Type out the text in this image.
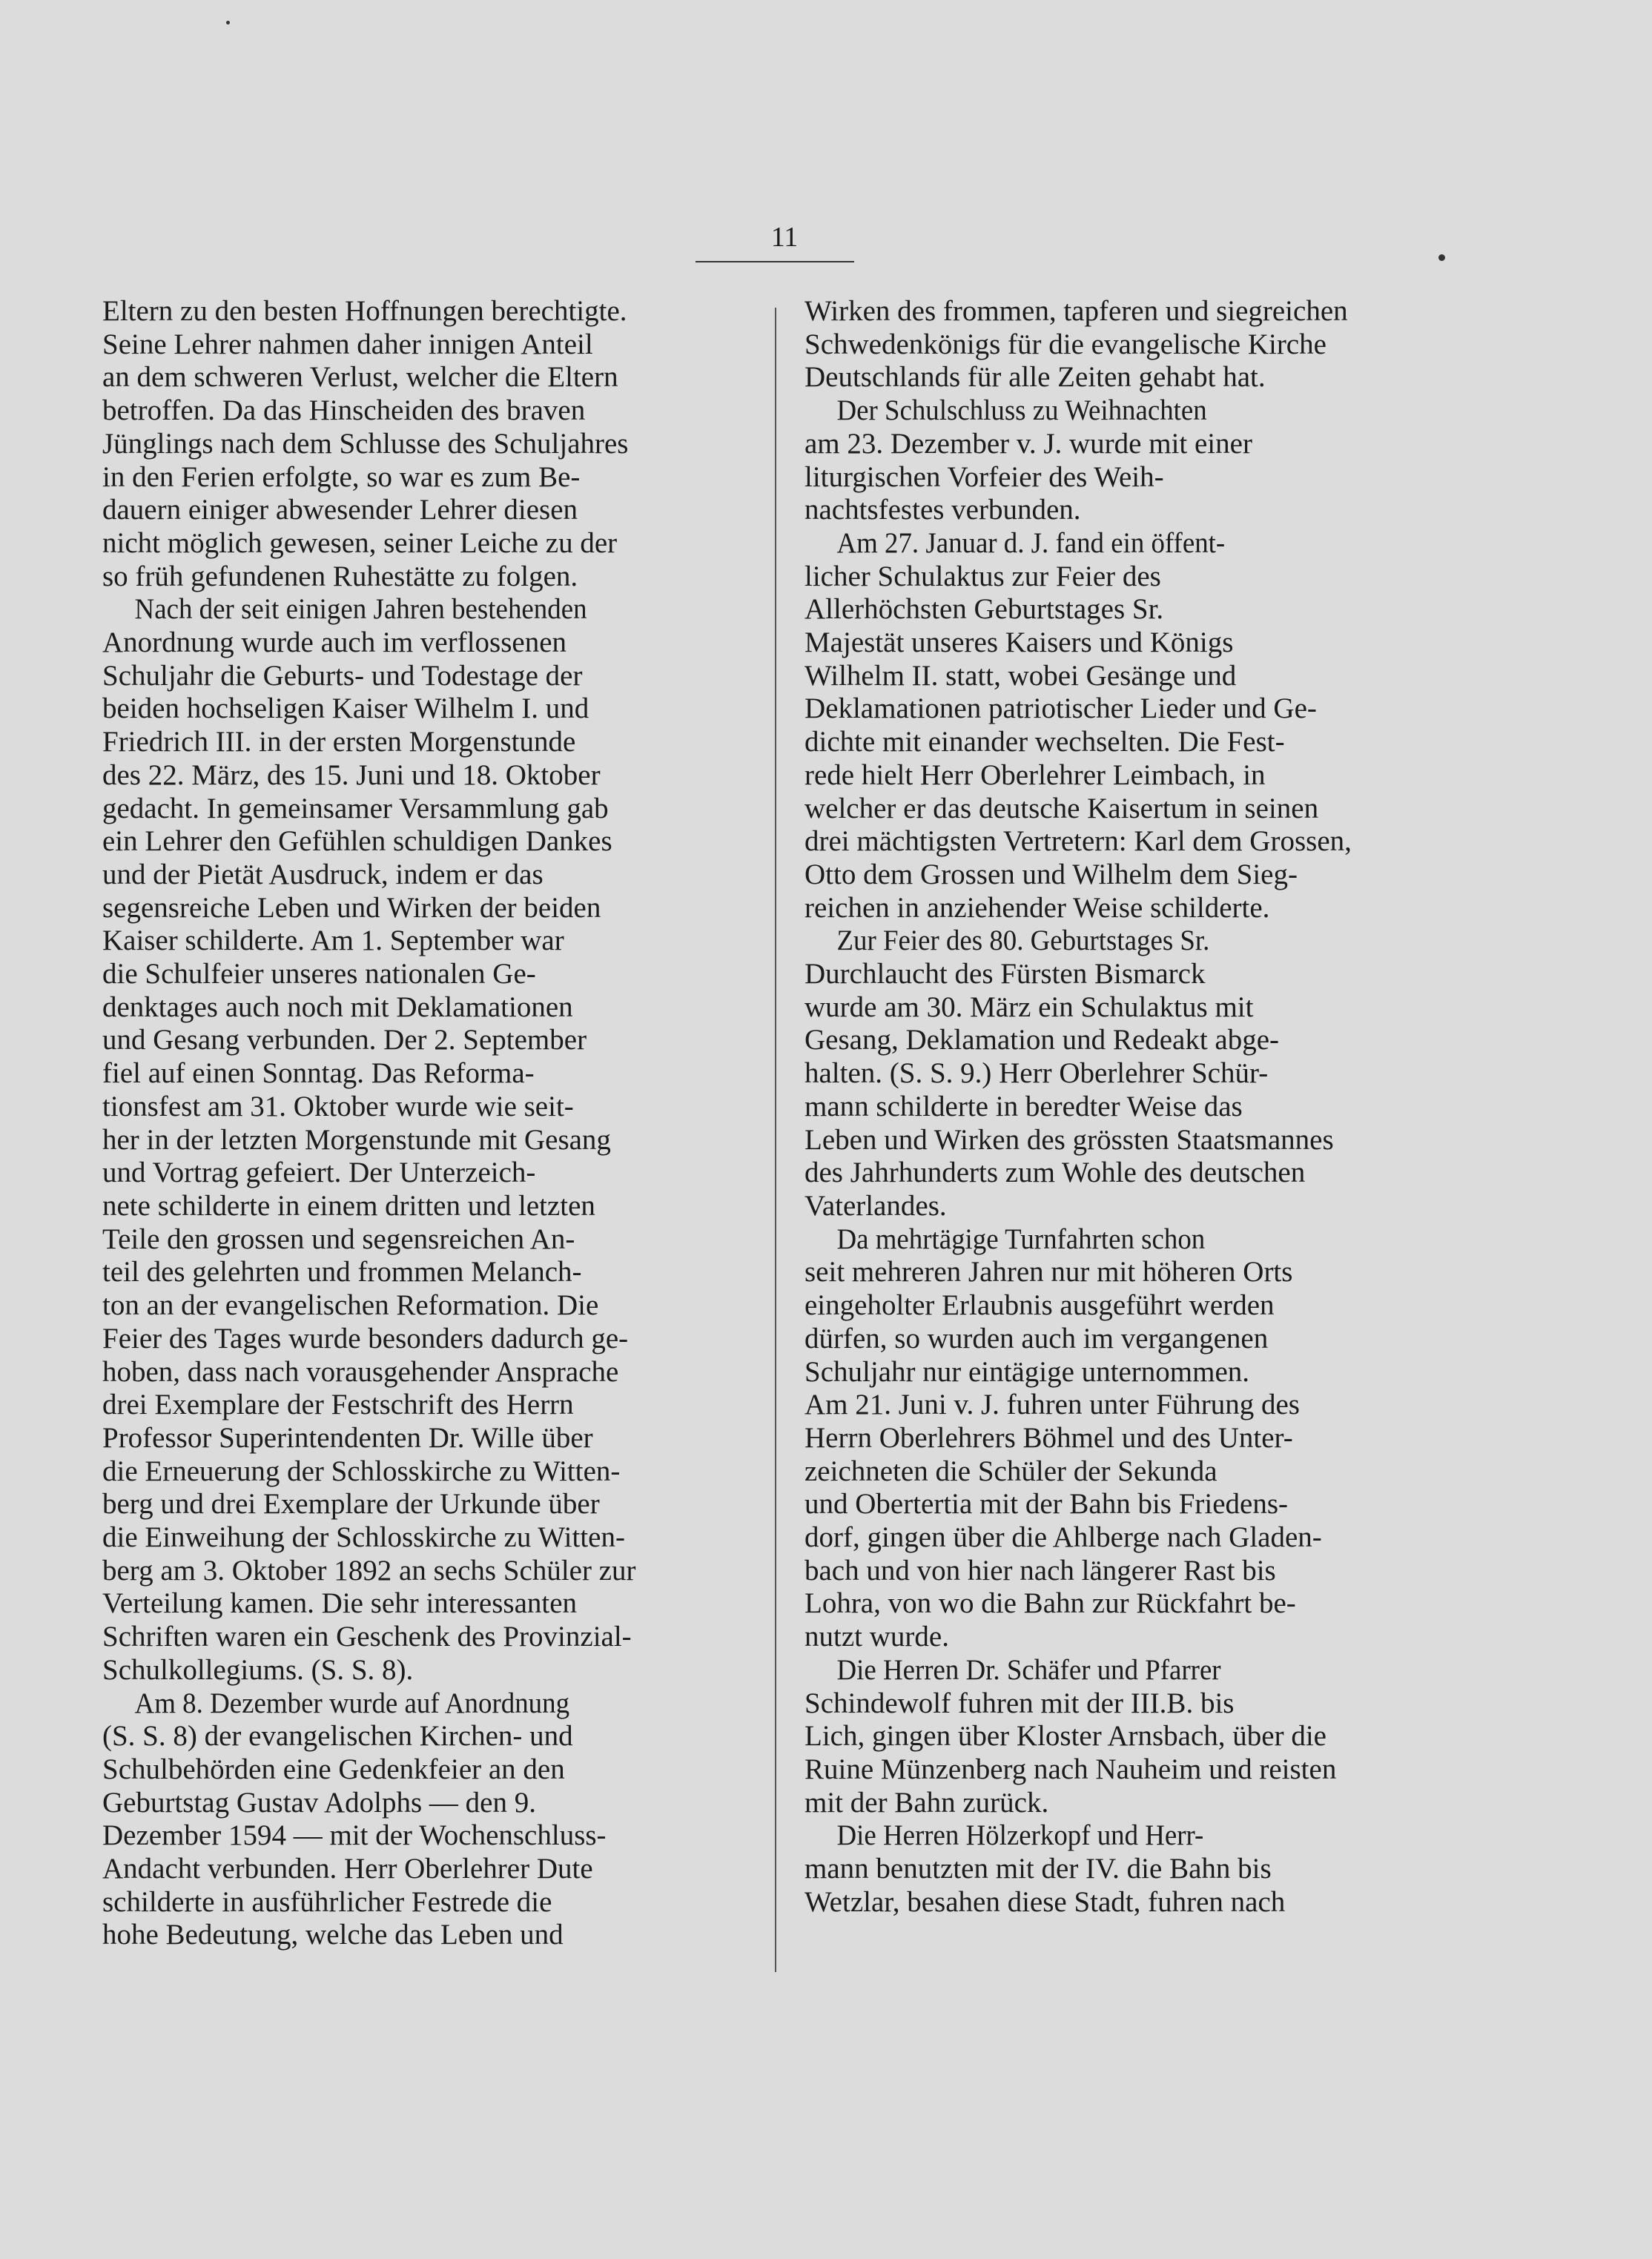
11
Eltern zu den besten Hoffnungen berechtigte.
Seine Lehrer nahmen daher innigen Anteil
an dem schweren Verlust, welcher die Eltern
betroffen. Da das Hinscheiden des braven
Jünglings nach dem Schlusse des Schuljahres
in den Ferien erfolgte, so war es zum Be-
dauern einiger abwesender Lehrer diesen
nicht möglich gewesen, seiner Leiche zu der
so früh gefundenen Ruhestätte zu folgen.
Nach der seit einigen Jahren bestehenden
Anordnung wurde auch im verflossenen
Schuljahr die Geburts- und Todestage der
beiden hochseligen Kaiser Wilhelm I. und
Friedrich III. in der ersten Morgenstunde
des 22. März, des 15. Juni und 18. Oktober
gedacht. In gemeinsamer Versammlung gab
ein Lehrer den Gefühlen schuldigen Dankes
und der Pietät Ausdruck, indem er das
segensreiche Leben und Wirken der beiden
Kaiser schilderte. Am 1. September war
die Schulfeier unseres nationalen Ge-
denktages auch noch mit Deklamationen
und Gesang verbunden. Der 2. September
fiel auf einen Sonntag. Das Reforma-
tionsfest am 31. Oktober wurde wie seit-
her in der letzten Morgenstunde mit Gesang
und Vortrag gefeiert. Der Unterzeich-
nete schilderte in einem dritten und letzten
Teile den grossen und segensreichen An-
teil des gelehrten und frommen Melanch-
ton an der evangelischen Reformation. Die
Feier des Tages wurde besonders dadurch ge-
hoben, dass nach vorausgehender Ansprache
drei Exemplare der Festschrift des Herrn
Professor Superintendenten Dr. Wille über
die Erneuerung der Schlosskirche zu Witten-
berg und drei Exemplare der Urkunde über
die Einweihung der Schlosskirche zu Witten-
berg am 3. Oktober 1892 an sechs Schüler zur
Verteilung kamen. Die sehr interessanten
Schriften waren ein Geschenk des Provinzial-
Schulkollegiums. (S. S. 8).
Am 8. Dezember wurde auf Anordnung
(S. S. 8) der evangelischen Kirchen- und
Schulbehörden eine Gedenkfeier an den
Geburtstag Gustav Adolphs — den 9.
Dezember 1594 — mit der Wochenschluss-
Andacht verbunden. Herr Oberlehrer Dute
schilderte in ausführlicher Festrede die
hohe Bedeutung, welche das Leben und
Wirken des frommen, tapferen und siegreichen
Schwedenkönigs für die evangelische Kirche
Deutschlands für alle Zeiten gehabt hat.
Der Schulschluss zu Weihnachten
am 23. Dezember v. J. wurde mit einer
liturgischen Vorfeier des Weih-
nachtsfestes verbunden.
Am 27. Januar d. J. fand ein öffent-
licher Schulaktus zur Feier des
Allerhöchsten Geburtstages Sr.
Majestät unseres Kaisers und Königs
Wilhelm II. statt, wobei Gesänge und
Deklamationen patriotischer Lieder und Ge-
dichte mit einander wechselten. Die Fest-
rede hielt Herr Oberlehrer Leimbach, in
welcher er das deutsche Kaisertum in seinen
drei mächtigsten Vertretern: Karl dem Grossen,
Otto dem Grossen und Wilhelm dem Sieg-
reichen in anziehender Weise schilderte.
Zur Feier des 80. Geburtstages Sr.
Durchlaucht des Fürsten Bismarck
wurde am 30. März ein Schulaktus mit
Gesang, Deklamation und Redeakt abge-
halten. (S. S. 9.) Herr Oberlehrer Schür-
mann schilderte in beredter Weise das
Leben und Wirken des grössten Staatsmannes
des Jahrhunderts zum Wohle des deutschen
Vaterlandes.
Da mehrtägige Turnfahrten schon
seit mehreren Jahren nur mit höheren Orts
eingeholter Erlaubnis ausgeführt werden
dürfen, so wurden auch im vergangenen
Schuljahr nur eintägige unternommen.
Am 21. Juni v. J. fuhren unter Führung des
Herrn Oberlehrers Böhmel und des Unter-
zeichneten die Schüler der Sekunda
und Obertertia mit der Bahn bis Friedens-
dorf, gingen über die Ahlberge nach Gladen-
bach und von hier nach längerer Rast bis
Lohra, von wo die Bahn zur Rückfahrt be-
nutzt wurde.
Die Herren Dr. Schäfer und Pfarrer
Schindewolf fuhren mit der III.B. bis
Lich, gingen über Kloster Arnsbach, über die
Ruine Münzenberg nach Nauheim und reisten
mit der Bahn zurück.
Die Herren Hölzerkopf und Herr-
mann benutzten mit der IV. die Bahn bis
Wetzlar, besahen diese Stadt, fuhren nach
